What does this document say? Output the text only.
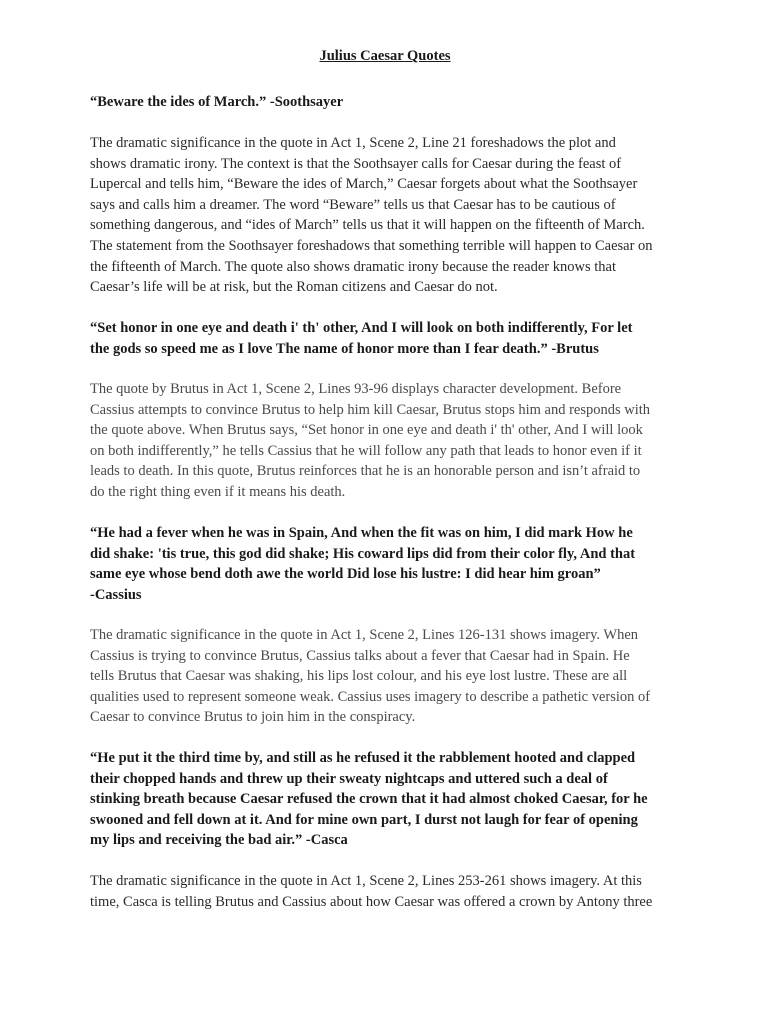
Julius Caesar Quotes

“Beware the ides of March.” -Soothsayer

The dramatic significance in the quote in Act 1, Scene 2, Line 21 foreshadows the plot and
shows dramatic irony. The context is that the Soothsayer calls for Caesar during the feast of
Lupercal and tells him, “Beware the ides of March,” Caesar forgets about what the Soothsayer
says and calls him a dreamer. The word “Beware” tells us that Caesar has to be cautious of
something dangerous, and “ides of March” tells us that it will happen on the fifteenth of March.
The statement from the Soothsayer foreshadows that something terrible will happen to Caesar on
the fifteenth of March. The quote also shows dramatic irony because the reader knows that
Caesar’s life will be at risk, but the Roman citizens and Caesar do not.

“Set honor in one eye and death i' th' other, And I will look on both indifferently, For let
the gods so speed me as I love The name of honor more than I fear death.” -Brutus

The quote by Brutus in Act 1, Scene 2, Lines 93-96 displays character development. Before
Cassius attempts to convince Brutus to help him kill Caesar, Brutus stops him and responds with
the quote above. When Brutus says, “Set honor in one eye and death i' th' other, And I will look
on both indifferently,” he tells Cassius that he will follow any path that leads to honor even if it
leads to death. In this quote, Brutus reinforces that he is an honorable person and isn’t afraid to
do the right thing even if it means his death.

“He had a fever when he was in Spain, And when the fit was on him, I did mark How he
did shake: 'tis true, this god did shake; His coward lips did from their color fly, And that
same eye whose bend doth awe the world Did lose his lustre: I did hear him groan”
-Cassius

The dramatic significance in the quote in Act 1, Scene 2, Lines 126-131 shows imagery. When
Cassius is trying to convince Brutus, Cassius talks about a fever that Caesar had in Spain. He
tells Brutus that Caesar was shaking, his lips lost colour, and his eye lost lustre. These are all
qualities used to represent someone weak. Cassius uses imagery to describe a pathetic version of
Caesar to convince Brutus to join him in the conspiracy.

“He put it the third time by, and still as he refused it the rabblement hooted and clapped
their chopped hands and threw up their sweaty nightcaps and uttered such a deal of
stinking breath because Caesar refused the crown that it had almost choked Caesar, for he
swooned and fell down at it. And for mine own part, I durst not laugh for fear of opening
my lips and receiving the bad air.” -Casca

The dramatic significance in the quote in Act 1, Scene 2, Lines 253-261 shows imagery. At this
time, Casca is telling Brutus and Cassius about how Caesar was offered a crown by Antony three
